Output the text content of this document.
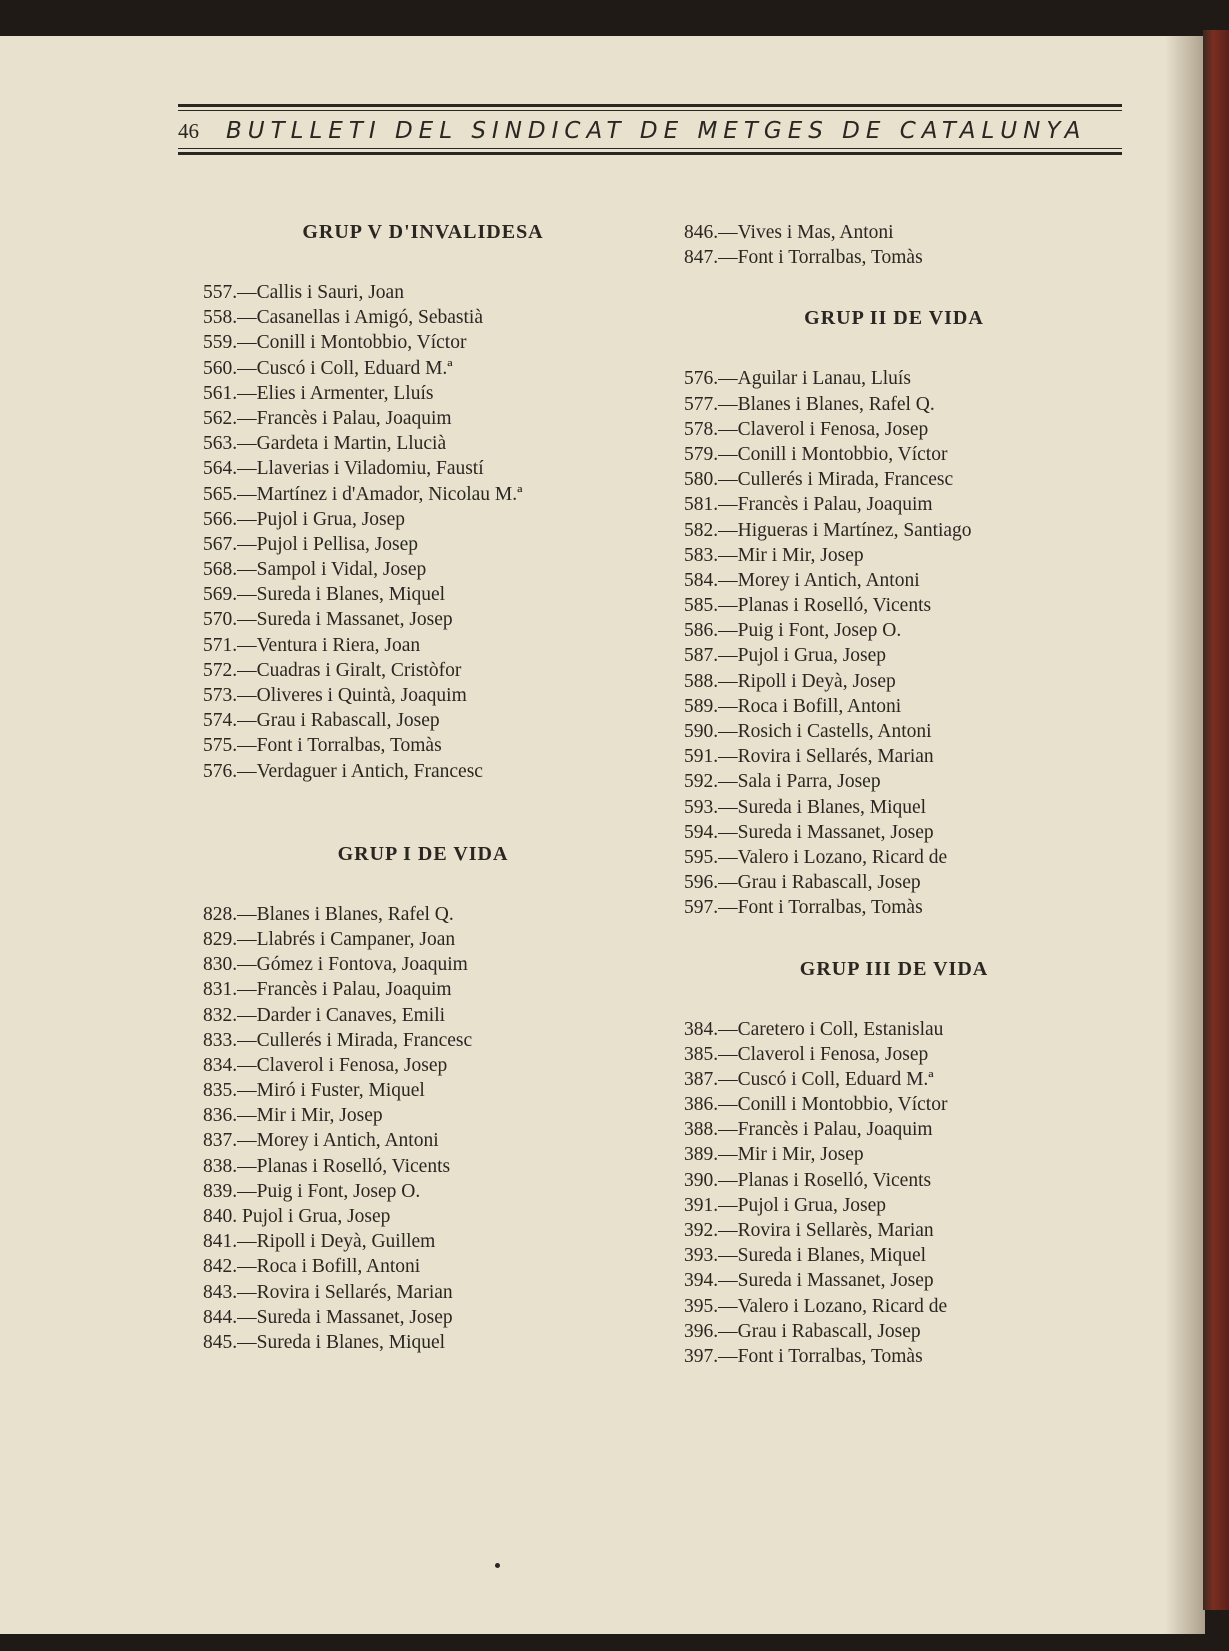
46	BUTLLETI DEL SINDICAT DE METGES DE CATALUNYA
GRUP V D'INVALIDESA
557.—Callis i Sauri, Joan
558.—Casanellas i Amigó, Sebastià
559.—Conill i Montobbio, Víctor
560.—Cuscó i Coll, Eduard M.ª
561.—Elies i Armenter, Lluís
562.—Francès i Palau, Joaquim
563.—Gardeta i Martin, Llucià
564.—Llaverias i Viladomiu, Faustí
565.—Martínez i d'Amador, Nicolau M.ª
566.—Pujol i Grua, Josep
567.—Pujol i Pellisa, Josep
568.—Sampol i Vidal, Josep
569.—Sureda i Blanes, Miquel
570.—Sureda i Massanet, Josep
571.—Ventura i Riera, Joan
572.—Cuadras i Giralt, Cristòfor
573.—Oliveres i Quintà, Joaquim
574.—Grau i Rabascall, Josep
575.—Font i Torralbas, Tomàs
576.—Verdaguer i Antich, Francesc
GRUP I DE VIDA
828.—Blanes i Blanes, Rafel Q.
829.—Llabrés i Campaner, Joan
830.—Gómez i Fontova, Joaquim
831.—Francès i Palau, Joaquim
832.—Darder i Canaves, Emili
833.—Cullerés i Mirada, Francesc
834.—Claverol i Fenosa, Josep
835.—Miró i Fuster, Miquel
836.—Mir i Mir, Josep
837.—Morey i Antich, Antoni
838.—Planas i Roselló, Vicents
839.—Puig i Font, Josep O.
840. Pujol i Grua, Josep
841.—Ripoll i Deyà, Guillem
842.—Roca i Bofill, Antoni
843.—Rovira i Sellarés, Marian
844.—Sureda i Massanet, Josep
845.—Sureda i Blanes, Miquel
846.—Vives i Mas, Antoni
847.—Font i Torralbas, Tomàs
GRUP II DE VIDA
576.—Aguilar i Lanau, Lluís
577.—Blanes i Blanes, Rafel Q.
578.—Claverol i Fenosa, Josep
579.—Conill i Montobbio, Víctor
580.—Cullerés i Mirada, Francesc
581.—Francès i Palau, Joaquim
582.—Higueras i Martínez, Santiago
583.—Mir i Mir, Josep
584.—Morey i Antich, Antoni
585.—Planas i Roselló, Vicents
586.—Puig i Font, Josep O.
587.—Pujol i Grua, Josep
588.—Ripoll i Deyà, Josep
589.—Roca i Bofill, Antoni
590.—Rosich i Castells, Antoni
591.—Rovira i Sellarés, Marian
592.—Sala i Parra, Josep
593.—Sureda i Blanes, Miquel
594.—Sureda i Massanet, Josep
595.—Valero i Lozano, Ricard de
596.—Grau i Rabascall, Josep
597.—Font i Torralbas, Tomàs
GRUP III DE VIDA
384.—Caretero i Coll, Estanislau
385.—Claverol i Fenosa, Josep
387.—Cuscó i Coll, Eduard M.ª
386.—Conill i Montobbio, Víctor
388.—Francès i Palau, Joaquim
389.—Mir i Mir, Josep
390.—Planas i Roselló, Vicents
391.—Pujol i Grua, Josep
392.—Rovira i Sellarès, Marian
393.—Sureda i Blanes, Miquel
394.—Sureda i Massanet, Josep
395.—Valero i Lozano, Ricard de
396.—Grau i Rabascall, Josep
397.—Font i Torralbas, Tomàs
